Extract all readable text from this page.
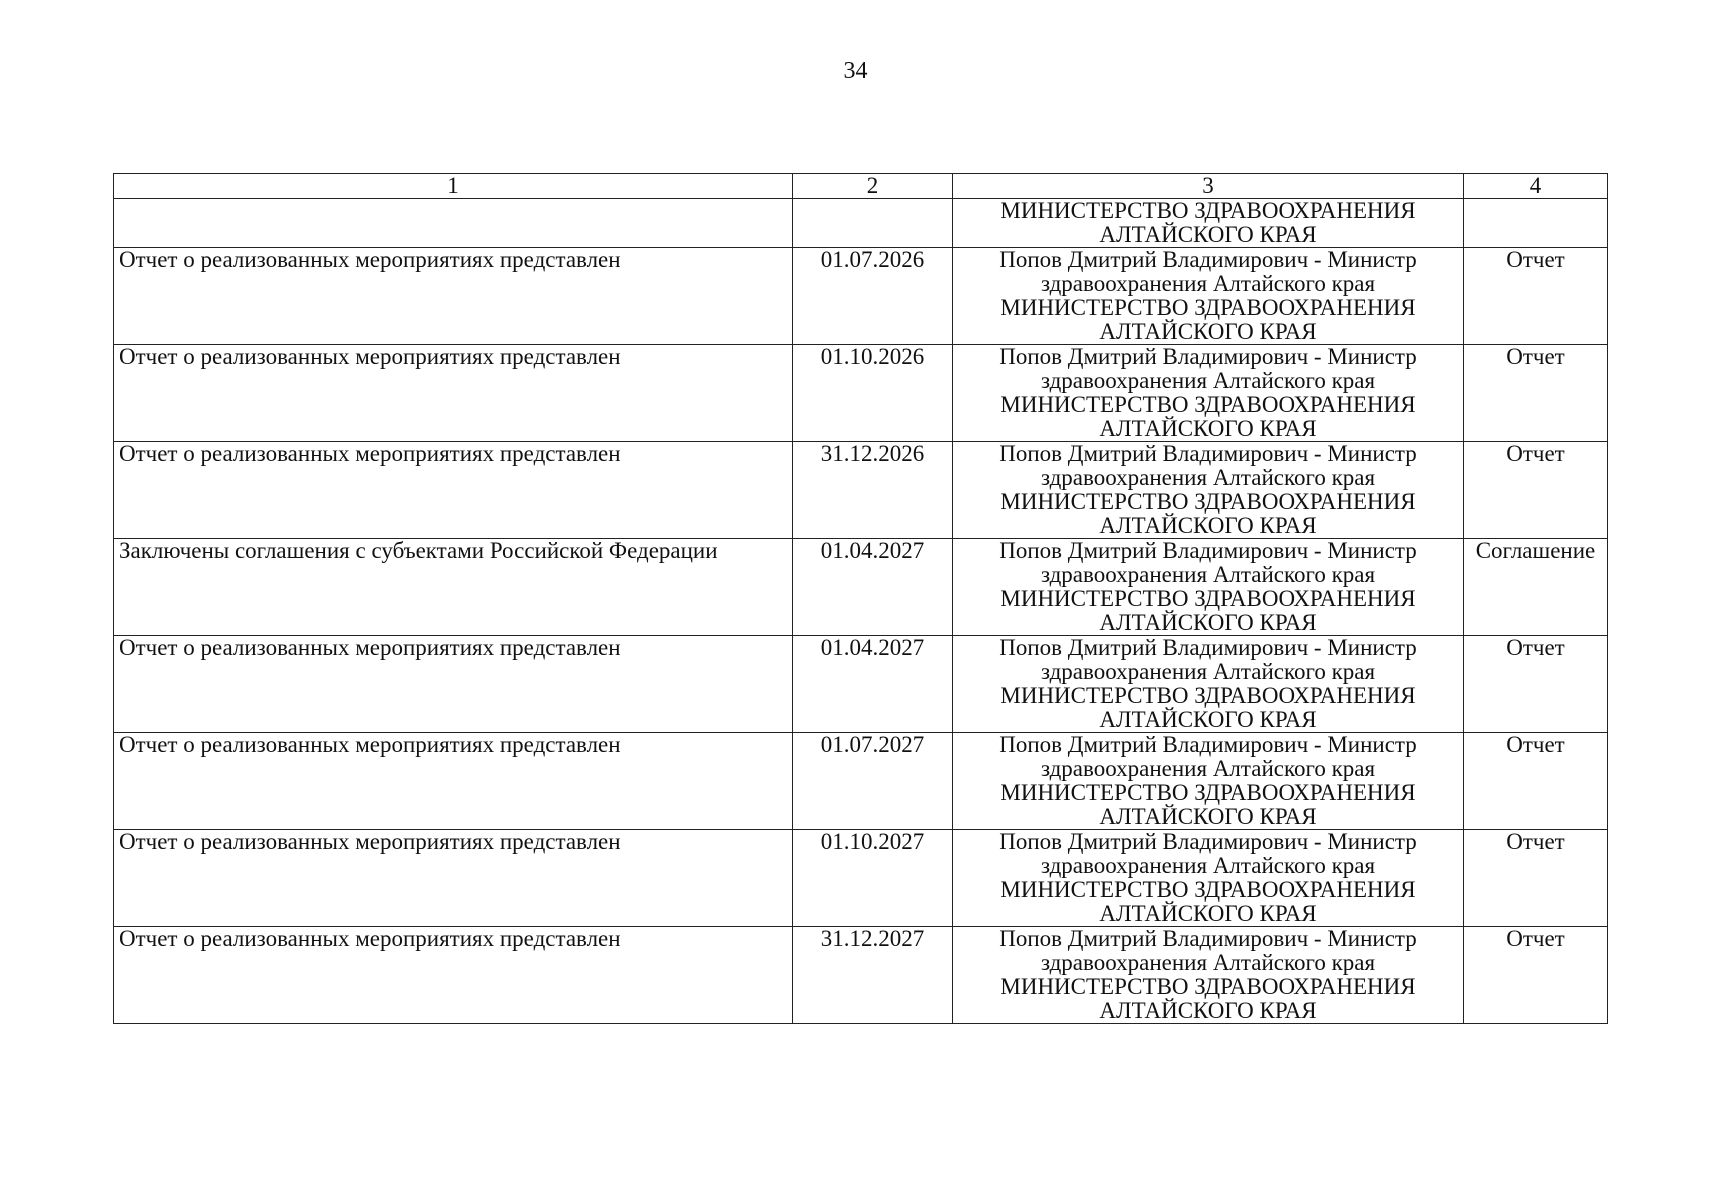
34
1	2	3	4

		МИНИСТЕРСТВО ЗДРАВООХРАНЕНИЯ
АЛТАЙСКОГО КРАЯ	

Отчет о реализованных мероприятиях представлен	01.07.2026	Попов Дмитрий Владимирович - Министр
здравоохранения Алтайского края
МИНИСТЕРСТВО ЗДРАВООХРАНЕНИЯ
АЛТАЙСКОГО КРАЯ	Отчет
Отчет о реализованных мероприятиях представлен	01.10.2026	Попов Дмитрий Владимирович - Министр
здравоохранения Алтайского края
МИНИСТЕРСТВО ЗДРАВООХРАНЕНИЯ
АЛТАЙСКОГО КРАЯ	Отчет
Отчет о реализованных мероприятиях представлен	31.12.2026	Попов Дмитрий Владимирович - Министр
здравоохранения Алтайского края
МИНИСТЕРСТВО ЗДРАВООХРАНЕНИЯ
АЛТАЙСКОГО КРАЯ	Отчет
Заключены соглашения с субъектами Российской Федерации	01.04.2027	Попов Дмитрий Владимирович - Министр
здравоохранения Алтайского края
МИНИСТЕРСТВО ЗДРАВООХРАНЕНИЯ
АЛТАЙСКОГО КРАЯ	Соглашение
Отчет о реализованных мероприятиях представлен	01.04.2027	Попов Дмитрий Владимирович - Министр
здравоохранения Алтайского края
МИНИСТЕРСТВО ЗДРАВООХРАНЕНИЯ
АЛТАЙСКОГО КРАЯ	Отчет
Отчет о реализованных мероприятиях представлен	01.07.2027	Попов Дмитрий Владимирович - Министр
здравоохранения Алтайского края
МИНИСТЕРСТВО ЗДРАВООХРАНЕНИЯ
АЛТАЙСКОГО КРАЯ	Отчет
Отчет о реализованных мероприятиях представлен	01.10.2027	Попов Дмитрий Владимирович - Министр
здравоохранения Алтайского края
МИНИСТЕРСТВО ЗДРАВООХРАНЕНИЯ
АЛТАЙСКОГО КРАЯ	Отчет
Отчет о реализованных мероприятиях представлен	31.12.2027	Попов Дмитрий Владимирович - Министр
здравоохранения Алтайского края
МИНИСТЕРСТВО ЗДРАВООХРАНЕНИЯ
АЛТАЙСКОГО КРАЯ	Отчет
